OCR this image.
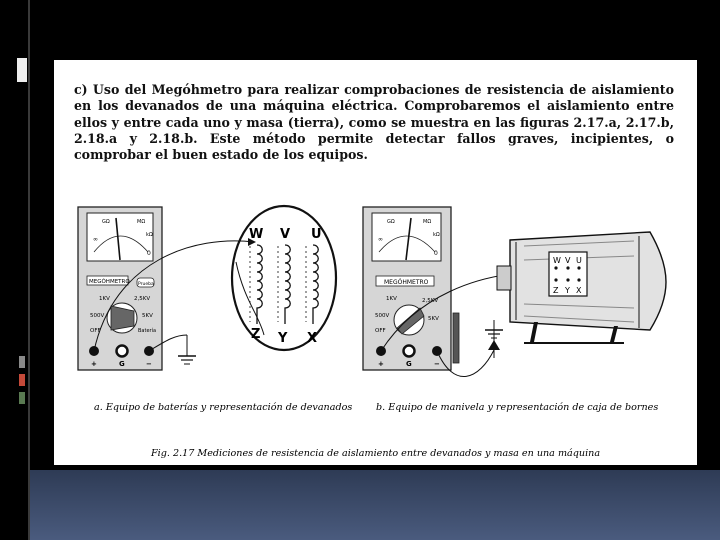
c) Uso del Megóhmetro para realizar comprobaciones de resistencia de aislamiento en los devanados de una máquina eléctrica. Comprobaremos el aislamiento entre ellos y entre cada uno y masa (tierra), como se muestra en las figuras 2.17.a, 2.17.b, 2.18.a y 2.18.b. Este método permite detectar fallos graves, incipientes, o comprobar el buen estado de los equipos.

∞
GΩ	MΩ
kΩ
0
MEGÓHMETRO Prueba
1KV	2,5KV
500V	5KV
OFF	Batería
+	G	−
W V U
Z Y X
∞
GΩ	MΩ
kΩ
0
MEGÓHMETRO
1KV	2,5KV
500V	5KV
OFF
+	G	−
W V U
Z Y X
a. Equipo de baterías y representación de devanados b. Equipo de manivela y representación de caja de bornes
Fig. 2.17 Mediciones de resistencia de aislamiento entre devanados y masa en una máquina
